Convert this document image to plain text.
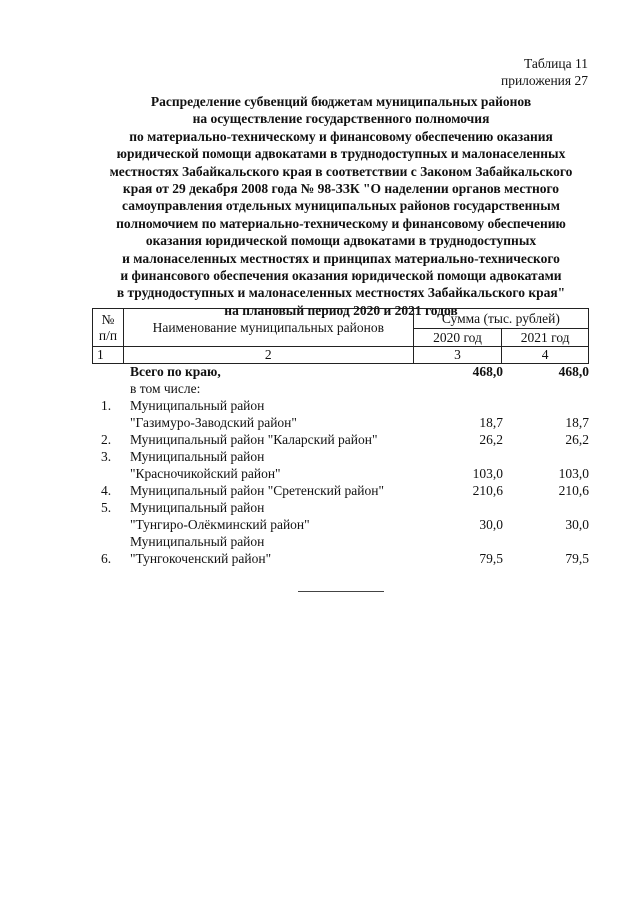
Таблица 11
приложения 27
Распределение субвенций бюджетам муниципальных районов
на осуществление государственного полномочия
по материально-техническому и финансовому обеспечению оказания
юридической помощи адвокатами в труднодоступных и малонаселенных
местностях Забайкальского края в соответствии с Законом Забайкальского
края от 29 декабря 2008 года № 98-ЗЗК "О наделении органов местного
самоуправления отдельных муниципальных районов государственным
полномочием по материально-техническому и финансовому обеспечению
оказания юридической помощи адвокатами в труднодоступных
и малонаселенных местностях и принципах материально-технического
и финансового обеспечения оказания юридической помощи адвокатами
в труднодоступных и малонаселенных местностях Забайкальского края"
на плановый период 2020 и 2021 годов
№ п/п	Наименование муниципальных районов	Сумма (тыс. рублей)	
		2020 год	2021 год
1	2	3	4
Всего по краю,	468,0	468,0
в том числе:
1.	Муниципальный район
"Газимуро-Заводский район"	18,7	18,7
2.	Муниципальный район "Каларский район"	26,2	26,2
3.	Муниципальный район
"Красночикойский район"	103,0	103,0
4.	Муниципальный район "Сретенский район"	210,6	210,6
5.	Муниципальный район
"Тунгиро-Олёкминский район"	30,0	30,0
Муниципальный район
6.	"Тунгокоченский район"	79,5	79,5
